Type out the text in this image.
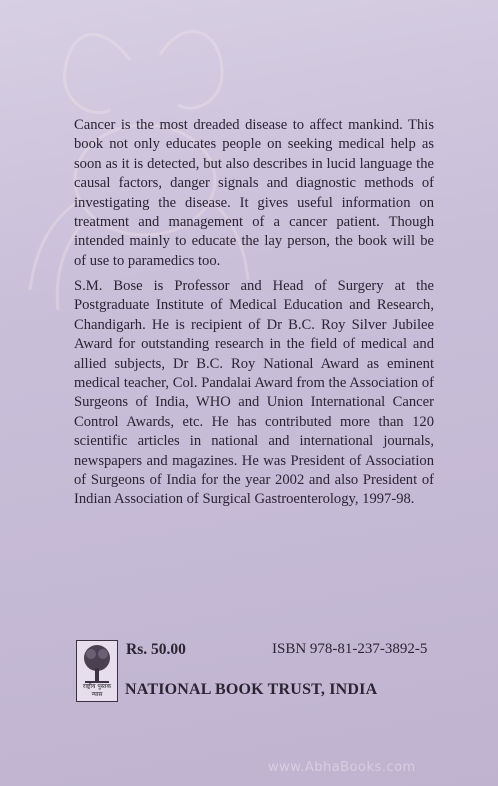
Cancer is the most dreaded disease to affect mankind. This book not only educates people on seeking medical help as soon as it is detected, but also describes in lucid language the causal factors, danger signals and diagnostic methods of investigating the disease. It gives useful information on treatment and management of a cancer patient. Though intended mainly to educate the lay person, the book will be of use to paramedics too.

S.M. Bose is Professor and Head of Surgery at the Postgraduate Institute of Medical Education and Research, Chandigarh. He is recipient of Dr B.C. Roy Silver Jubilee Award for outstanding research in the field of medical and allied subjects, Dr B.C. Roy National Award as eminent medical teacher, Col. Pandalai Award from the Association of Surgeons of India, WHO and Union International Cancer Control Awards, etc. He has contributed more than 120 scientific articles in national and international journals, newspapers and magazines. He was President of Association of Surgeons of India for the year 2002 and also President of Indian Association of Surgical Gastroenterology, 1997-98.

राष्ट्रीय पुस्तक न्यास
Rs. 50.00	ISBN 978-81-237-3892-5
NATIONAL BOOK TRUST, INDIA
www.AbhaBooks.com
